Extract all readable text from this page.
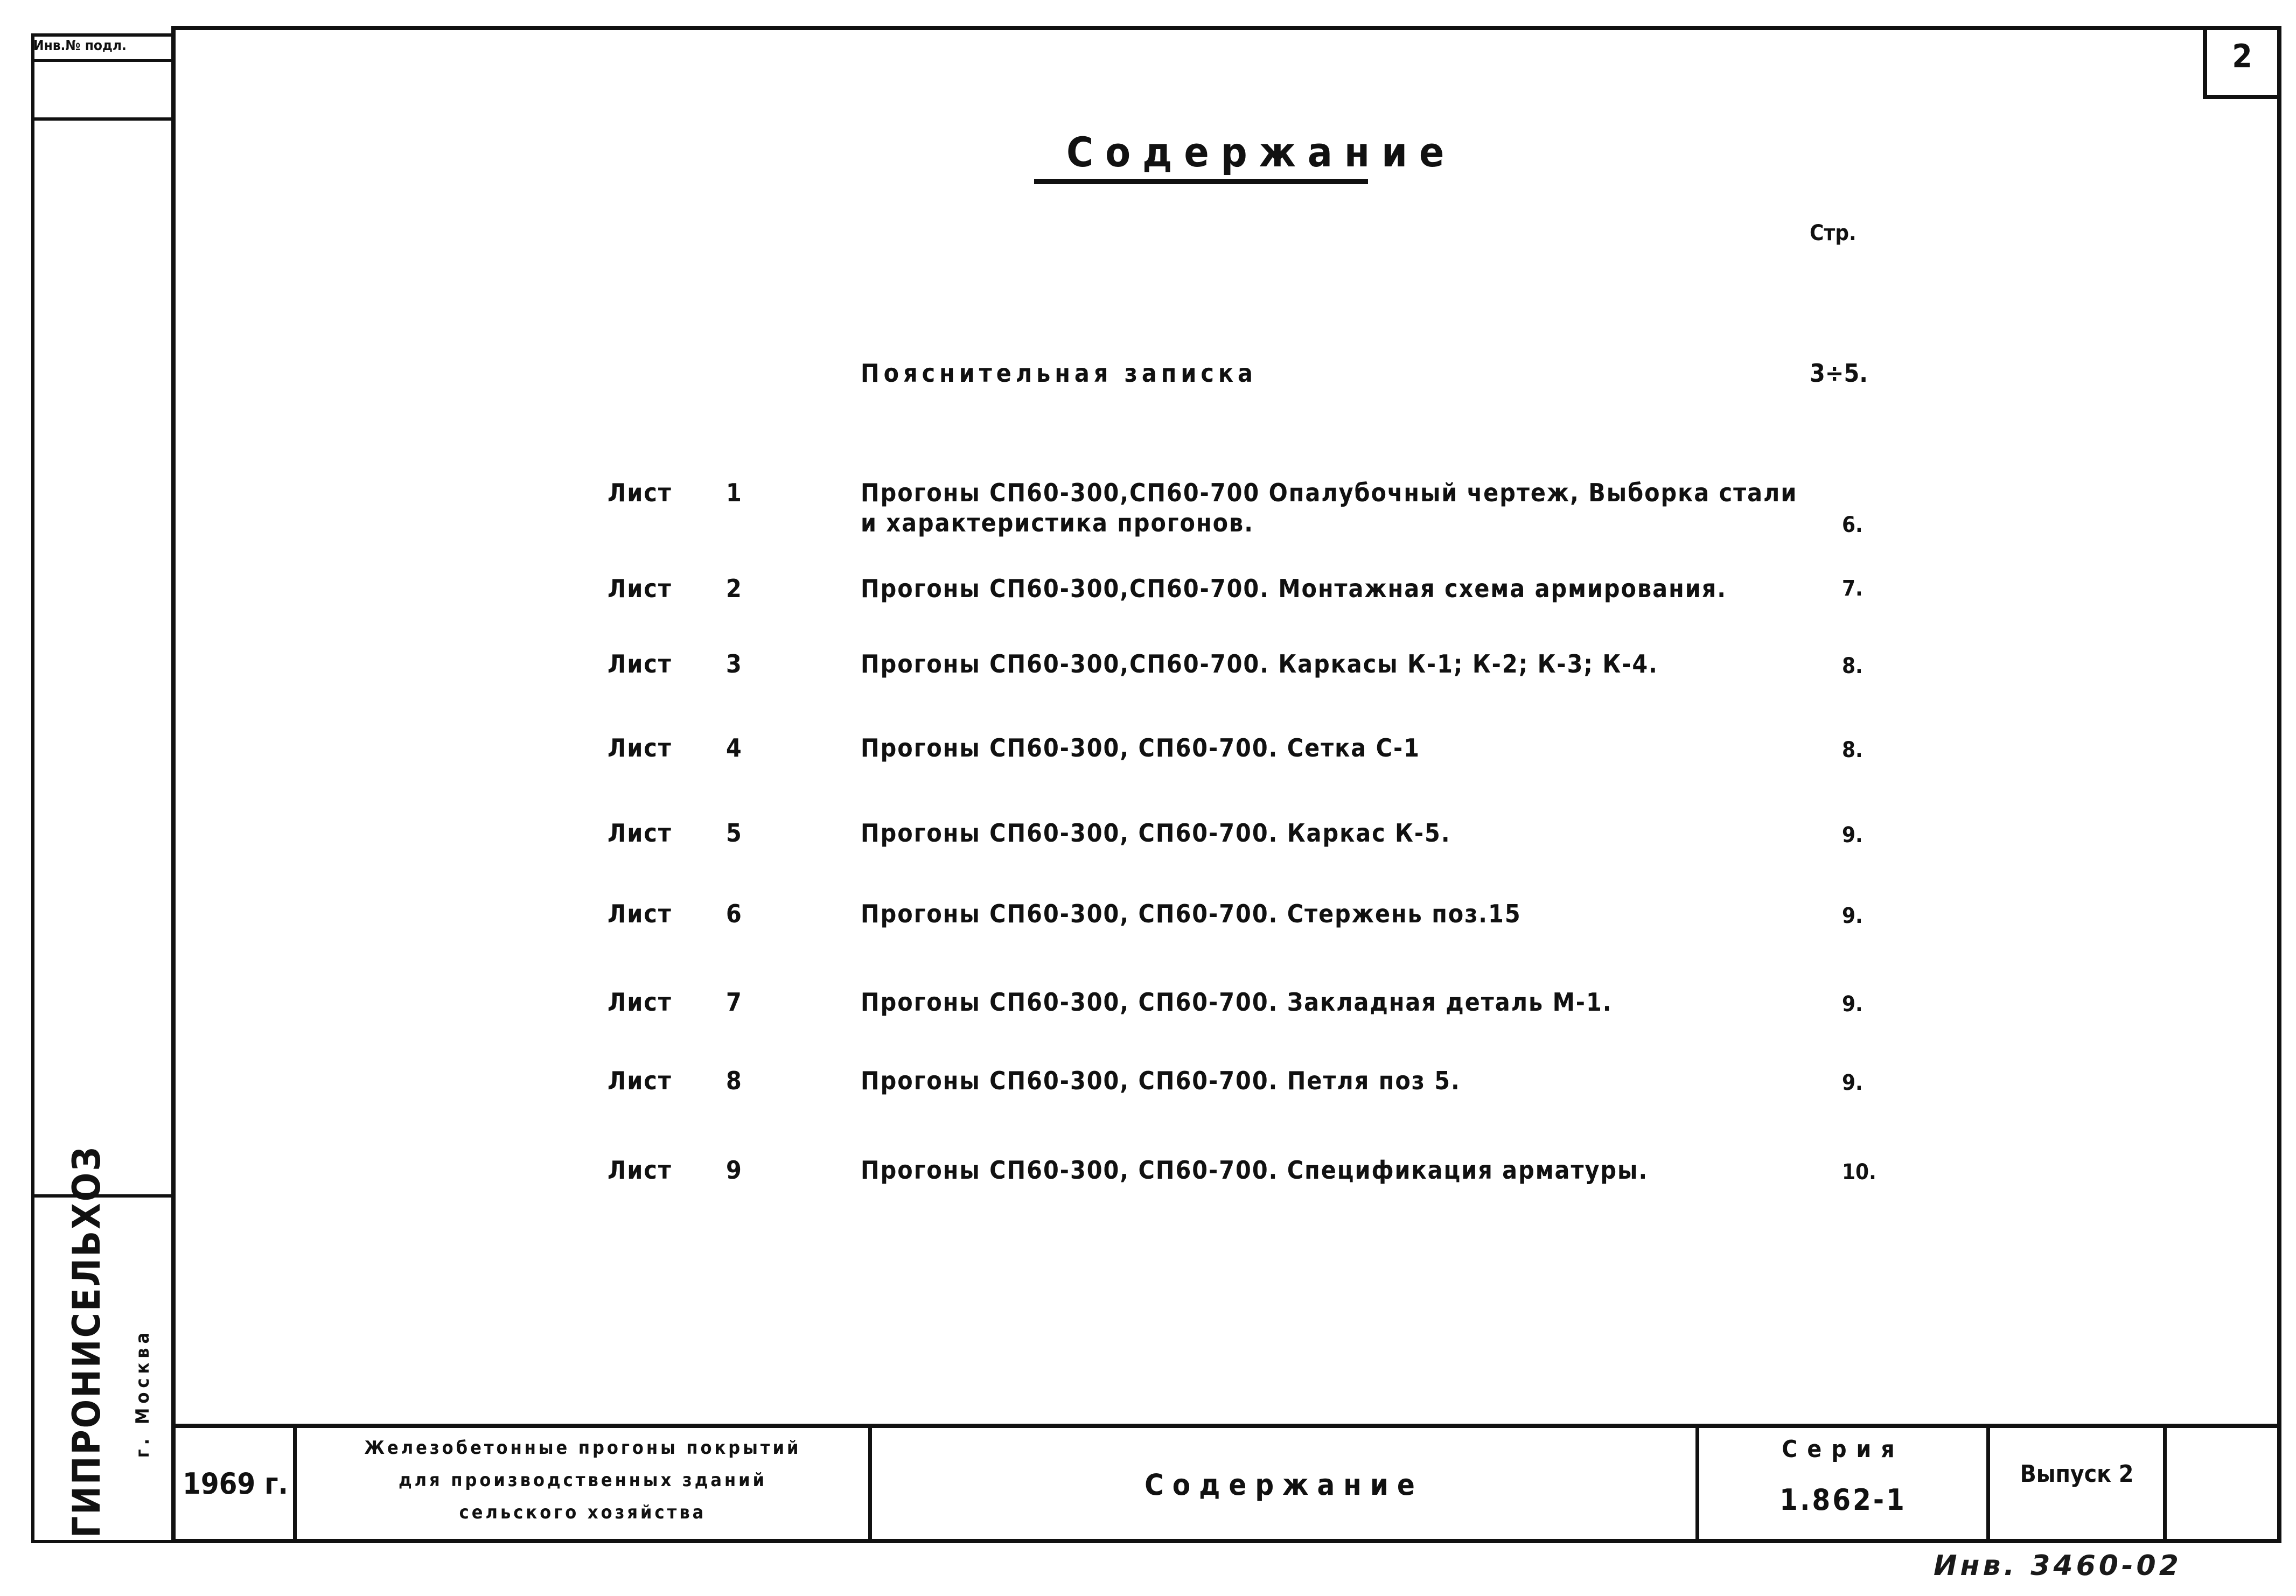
2
Инв.№ подл.
ГИПРОНИСЕЛЬХОЗ г. Москва
Содержание
Стр.
Пояснительная записка	3÷5.
Лист 1	Прогоны СП60-300,СП60-700 Опалубочный чертеж, Выборка стали
и характеристика прогонов.	6.
Лист 2	Прогоны СП60-300,СП60-700. Монтажная схема армирования.	7.
Лист 3	Прогоны СП60-300,СП60-700. Каркасы К-1; К-2; К-3; К-4.	8.
Лист 4	Прогоны СП60-300, СП60-700. Сетка С-1	8.
Лист 5	Прогоны СП60-300, СП60-700. Каркас К-5.	9.
Лист 6	Прогоны СП60-300, СП60-700. Стержень поз.15	9.
Лист 7	Прогоны СП60-300, СП60-700. Закладная деталь М-1.	9.
Лист 8	Прогоны СП60-300, СП60-700. Петля поз 5.	9.
Лист 9	Прогоны СП60-300, СП60-700. Спецификация арматуры.	10.
1969 г.
Железобетонные прогоны покрытий
для производственных зданий
сельского хозяйства
Содержание
Серия
1.862-1
Выпуск 2
Инв. 3460-02
